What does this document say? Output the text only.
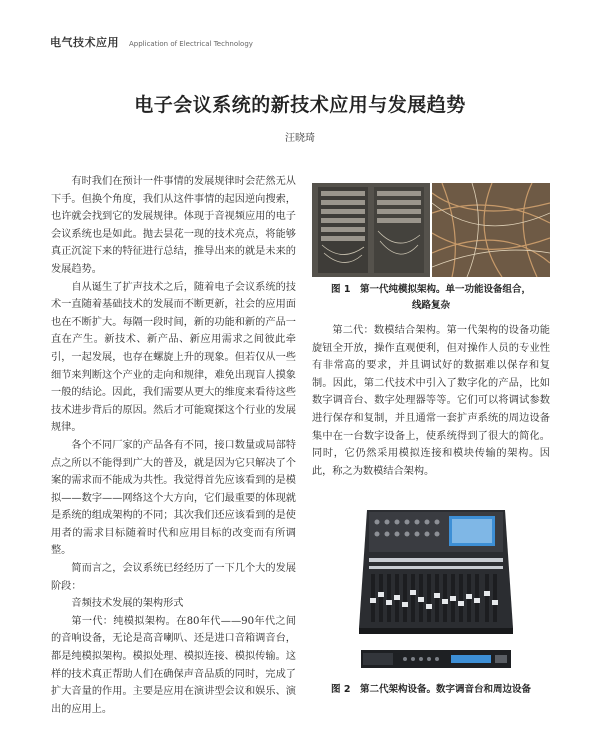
电气技术应用 Application of Electrical Technology
电子会议系统的新技术应用与发展趋势
汪晓琦

有时我们在预计一件事情的发展规律时会茫然无从下手。但换个角度，我们从这件事情的起因逆向搜索，也许就会找到它的发展规律。体现于音视频应用的电子会议系统也是如此。抛去昙花一现的技术亮点，将能够真正沉淀下来的特征进行总结，推导出来的就是未来的发展趋势。

自从诞生了扩声技术之后，随着电子会议系统的技术一直随着基础技术的发展而不断更新，社会的应用面也在不断扩大。每隔一段时间，新的功能和新的产品一直在产生。新技术、新产品、新应用需求之间彼此牵引，一起发展，也存在螺旋上升的现象。但若仅从一些细节来判断这个产业的走向和规律，难免出现盲人摸象一般的结论。因此，我们需要从更大的维度来看待这些技术进步背后的原因。然后才可能窥探这个行业的发展规律。

各个不同厂家的产品各有不同，接口数量或局部特点之所以不能得到广大的普及，就是因为它只解决了个案的需求而不能成为共性。我觉得首先应该看到的是模拟——数字——网络这个大方向，它们最重要的体现就是系统的组成架构的不同；其次我们还应该看到的是使用者的需求目标随着时代和应用目标的改变而有所调整。

简而言之，会议系统已经经历了一下几个大的发展阶段：

音频技术发展的架构形式

第一代：纯模拟架构。在80年代——90年代之间的音响设备，无论是高音喇叭、还是进口音箱调音台，都是纯模拟架构。模拟处理、模拟连接、模拟传输。这样的技术真正帮助人们在确保声音品质的同时，完成了扩大音量的作用。主要是应用在演讲型会议和娱乐、演出的应用上。

图 1　第一代纯模拟架构。单一功能设备组合，
线路复杂

第二代：数模结合架构。第一代架构的设备功能旋钮全开放，操作直观便利，但对操作人员的专业性有非常高的要求，并且调试好的数据难以保存和复制。因此，第二代技术中引入了数字化的产品，比如数字调音台、数字处理器等等。它们可以将调试参数进行保存和复制，并且通常一套扩声系统的周边设备集中在一台数字设备上，使系统得到了很大的简化。同时，它仍然采用模拟连接和模块传输的架构。因此，称之为数模结合架构。

图 2　第二代架构设备。数字调音台和周边设备
